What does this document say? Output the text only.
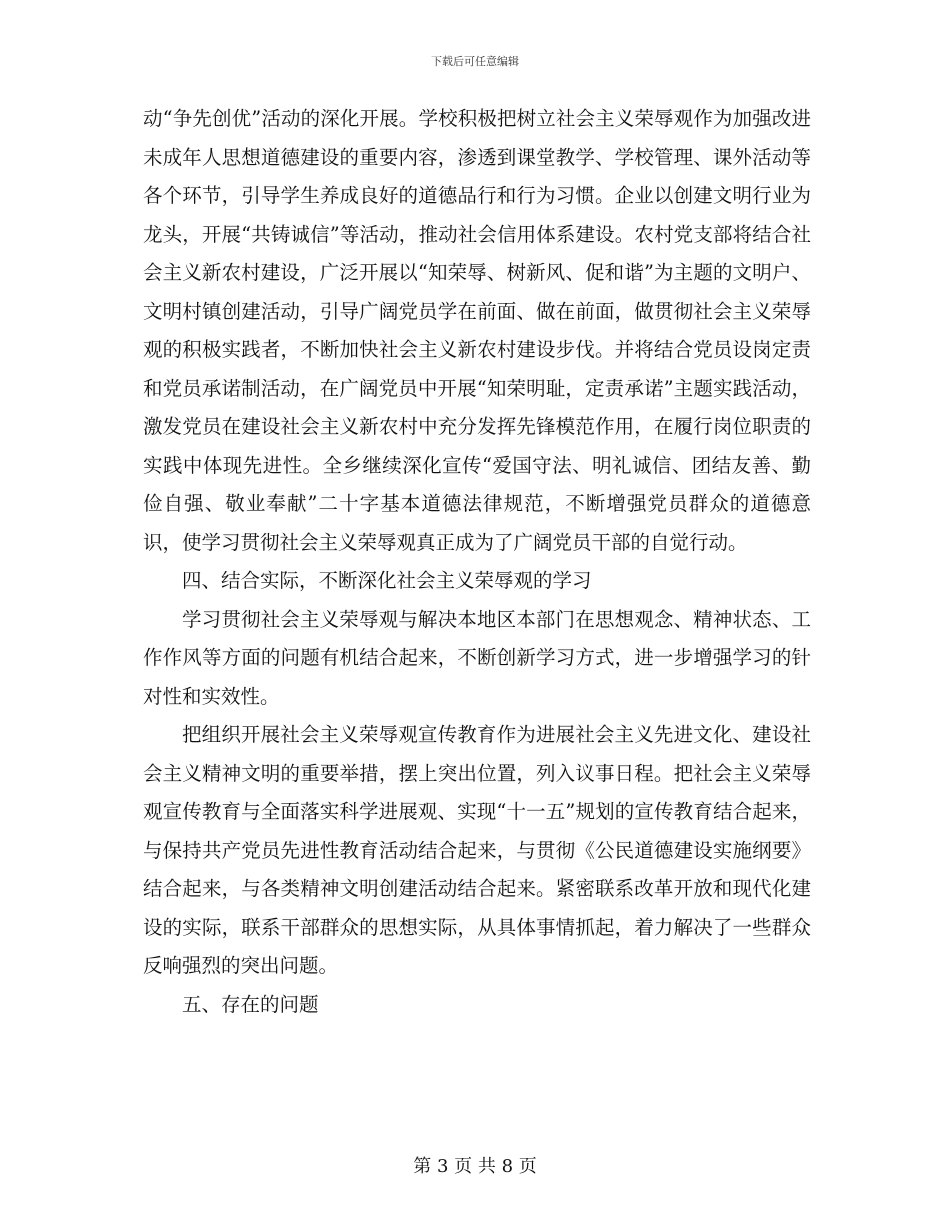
下载后可任意编辑

动“争先创优”活动的深化开展。学校积极把树立社会主义荣辱观作为加强改进未成年人思想道德建设的重要内容，渗透到课堂教学、学校管理、课外活动等各个环节，引导学生养成良好的道德品行和行为习惯。企业以创建文明行业为龙头，开展“共铸诚信”等活动，推动社会信用体系建设。农村党支部将结合社会主义新农村建设，广泛开展以“知荣辱、树新风、促和谐”为主题的文明户、文明村镇创建活动，引导广阔党员学在前面、做在前面，做贯彻社会主义荣辱观的积极实践者，不断加快社会主义新农村建设步伐。并将结合党员设岗定责和党员承诺制活动，在广阔党员中开展“知荣明耻，定责承诺”主题实践活动，激发党员在建设社会主义新农村中充分发挥先锋模范作用，在履行岗位职责的实践中体现先进性。全乡继续深化宣传“爱国守法、明礼诚信、团结友善、勤俭自强、敬业奉献”二十字基本道德法律规范，不断增强党员群众的道德意识，使学习贯彻社会主义荣辱观真正成为了广阔党员干部的自觉行动。

四、结合实际，不断深化社会主义荣辱观的学习

学习贯彻社会主义荣辱观与解决本地区本部门在思想观念、精神状态、工作作风等方面的问题有机结合起来，不断创新学习方式，进一步增强学习的针对性和实效性。

把组织开展社会主义荣辱观宣传教育作为进展社会主义先进文化、建设社会主义精神文明的重要举措，摆上突出位置，列入议事日程。把社会主义荣辱观宣传教育与全面落实科学进展观、实现“十一五”规划的宣传教育结合起来，与保持共产党员先进性教育活动结合起来，与贯彻《公民道德建设实施纲要》结合起来，与各类精神文明创建活动结合起来。紧密联系改革开放和现代化建设的实际，联系干部群众的思想实际，从具体事情抓起，着力解决了一些群众反响强烈的突出问题。

五、存在的问题

第 3 页 共 8 页
